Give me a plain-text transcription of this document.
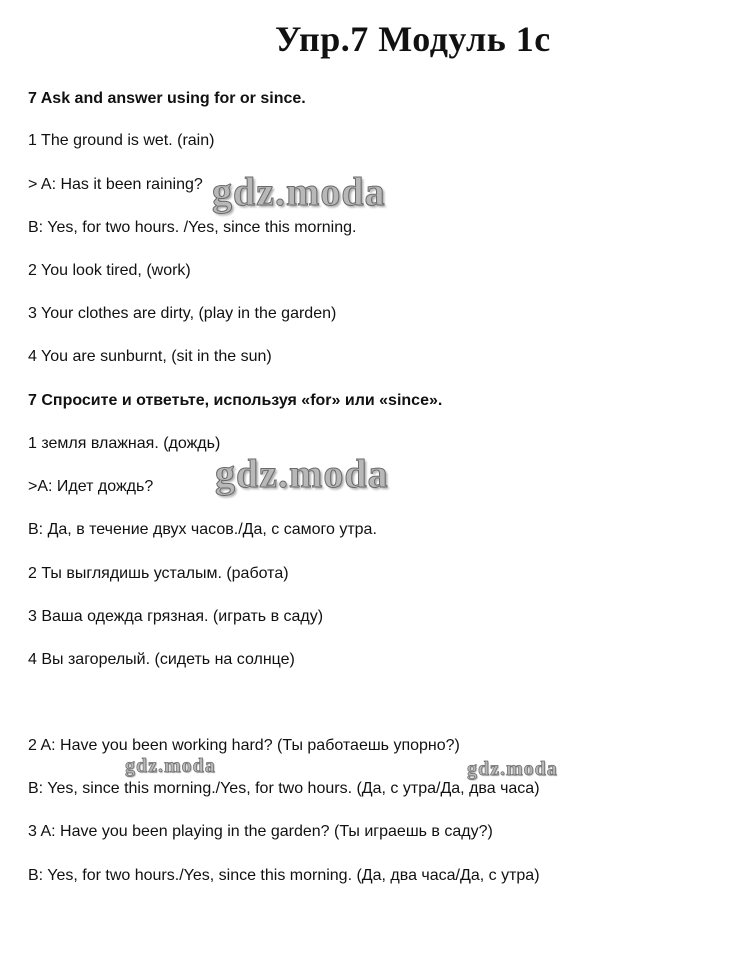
Упр.7 Модуль 1c
7 Ask and answer using for or since.
1 The ground is wet. (rain)
> A: Has it been raining?
B: Yes, for two hours. /Yes, since this morning.
2 You look tired, (work)
3 Your clothes are dirty, (play in the garden)
4 You are sunburnt, (sit in the sun)
7 Спросите и ответьте, используя «for» или «since».
1 земля влажная. (дождь)
>A: Идет дождь?
В: Да, в течение двух часов./Да, с самого утра.
2 Ты выглядишь усталым. (работа)
3 Ваша одежда грязная. (играть в саду)
4 Вы загорелый. (сидеть на солнце)
2 A: Have you been working hard? (Ты работаешь упорно?)
B: Yes, since this morning./Yes, for two hours. (Да, с утра/Да, два часа)
3 A: Have you been playing in the garden? (Ты играешь в саду?)
B: Yes, for two hours./Yes, since this morning. (Да, два часа/Да, с утра)
gdz.moda
gdz.moda
gdz.moda	gdz.moda
